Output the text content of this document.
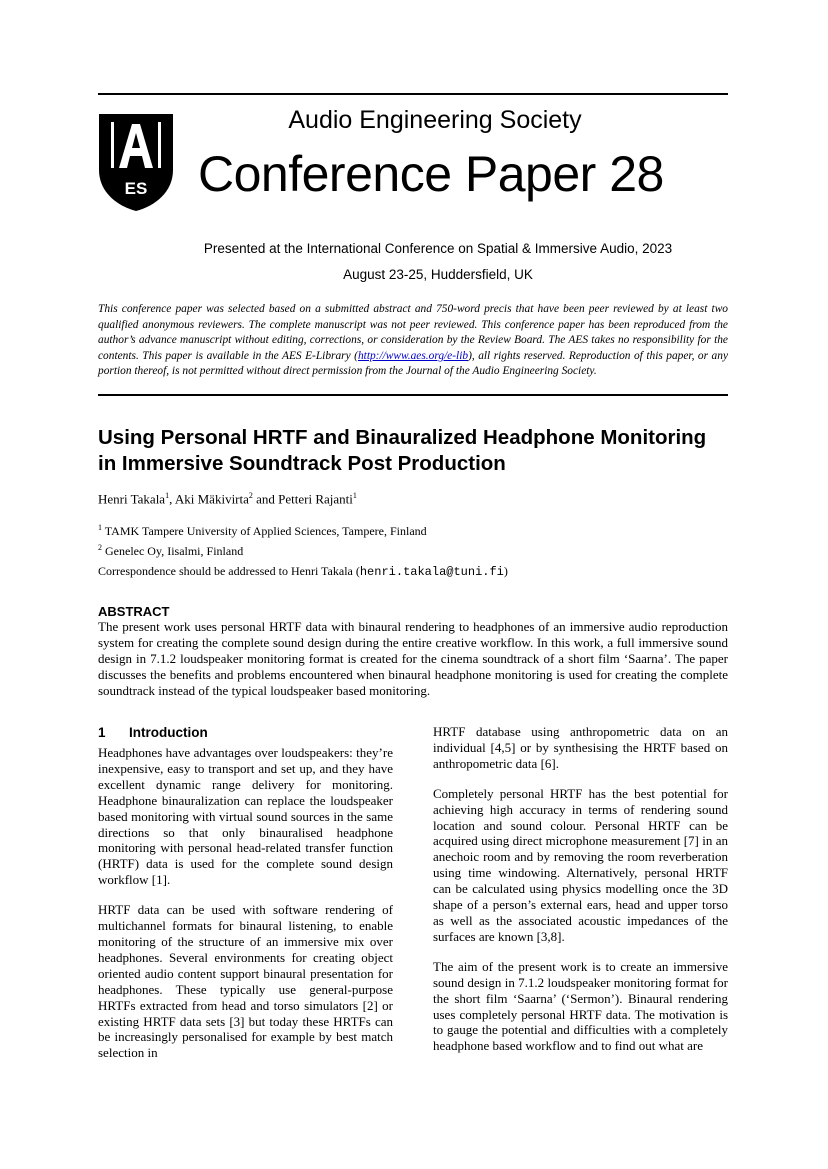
ES
Audio Engineering Society
Conference Paper 28
Presented at the International Conference on Spatial & Immersive Audio, 2023
August 23-25, Huddersfield, UK
This conference paper was selected based on a submitted abstract and 750-word precis that have been peer reviewed by at least two qualified anonymous reviewers. The complete manuscript was not peer reviewed. This conference paper has been reproduced from the author’s advance manuscript without editing, corrections, or consideration by the Review Board. The AES takes no responsibility for the contents. This paper is available in the AES E-Library (http://www.aes.org/e-lib), all rights reserved. Reproduction of this paper, or any portion thereof, is not permitted without direct permission from the Journal of the Audio Engineering Society.
Using Personal HRTF and Binauralized Headphone Monitoring in Immersive Soundtrack Post Production
Henri Takala$^1$, Aki Mäkivirta$^2$ and Petteri Rajanti$^1$
$^1$ TAMK Tampere University of Applied Sciences, Tampere, Finland
$^2$ Genelec Oy, Iisalmi, Finland
Correspondence should be addressed to Henri Takala (henri.takala@tuni.fi)
ABSTRACT
The present work uses personal HRTF data with binaural rendering to headphones of an immersive audio reproduction system for creating the complete sound design during the entire creative workflow. In this work, a full immersive sound design in 7.1.2 loudspeaker monitoring format is created for the cinema soundtrack of a short film ‘Saarna’. The paper discusses the benefits and problems encountered when binaural headphone monitoring is used for creating the complete soundtrack instead of the typical loudspeaker based monitoring.
1 Introduction

Headphones have advantages over loudspeakers: they’re inexpensive, easy to transport and set up, and they have excellent dynamic range delivery for monitoring. Headphone binauralization can replace the loudspeaker based monitoring with virtual sound sources in the same directions so that only binauralised headphone monitoring with personal head-related transfer function (HRTF) data is used for the complete sound design workflow [1].

HRTF data can be used with software rendering of multichannel formats for binaural listening, to enable monitoring of the structure of an immersive mix over headphones. Several environments for creating object oriented audio content support binaural presentation for headphones. These typically use general-purpose HRTFs extracted from head and torso simulators [2] or existing HRTF data sets [3] but today these HRTFs can be increasingly personalised for example by best match selection in

HRTF database using anthropometric data on an individual [4,5] or by synthesising the HRTF based on anthropometric data [6].

Completely personal HRTF has the best potential for achieving high accuracy in terms of rendering sound location and sound colour. Personal HRTF can be acquired using direct microphone measurement [7] in an anechoic room and by removing the room reverberation using time windowing. Alternatively, personal HRTF can be calculated using physics modelling once the 3D shape of a person’s external ears, head and upper torso as well as the associated acoustic impedances of the surfaces are known [3,8].

The aim of the present work is to create an immersive sound design in 7.1.2 loudspeaker monitoring format for the short film ‘Saarna’ (‘Sermon’). Binaural rendering uses completely personal HRTF data. The motivation is to gauge the potential and difficulties with a completely headphone based workflow and to find out what are
